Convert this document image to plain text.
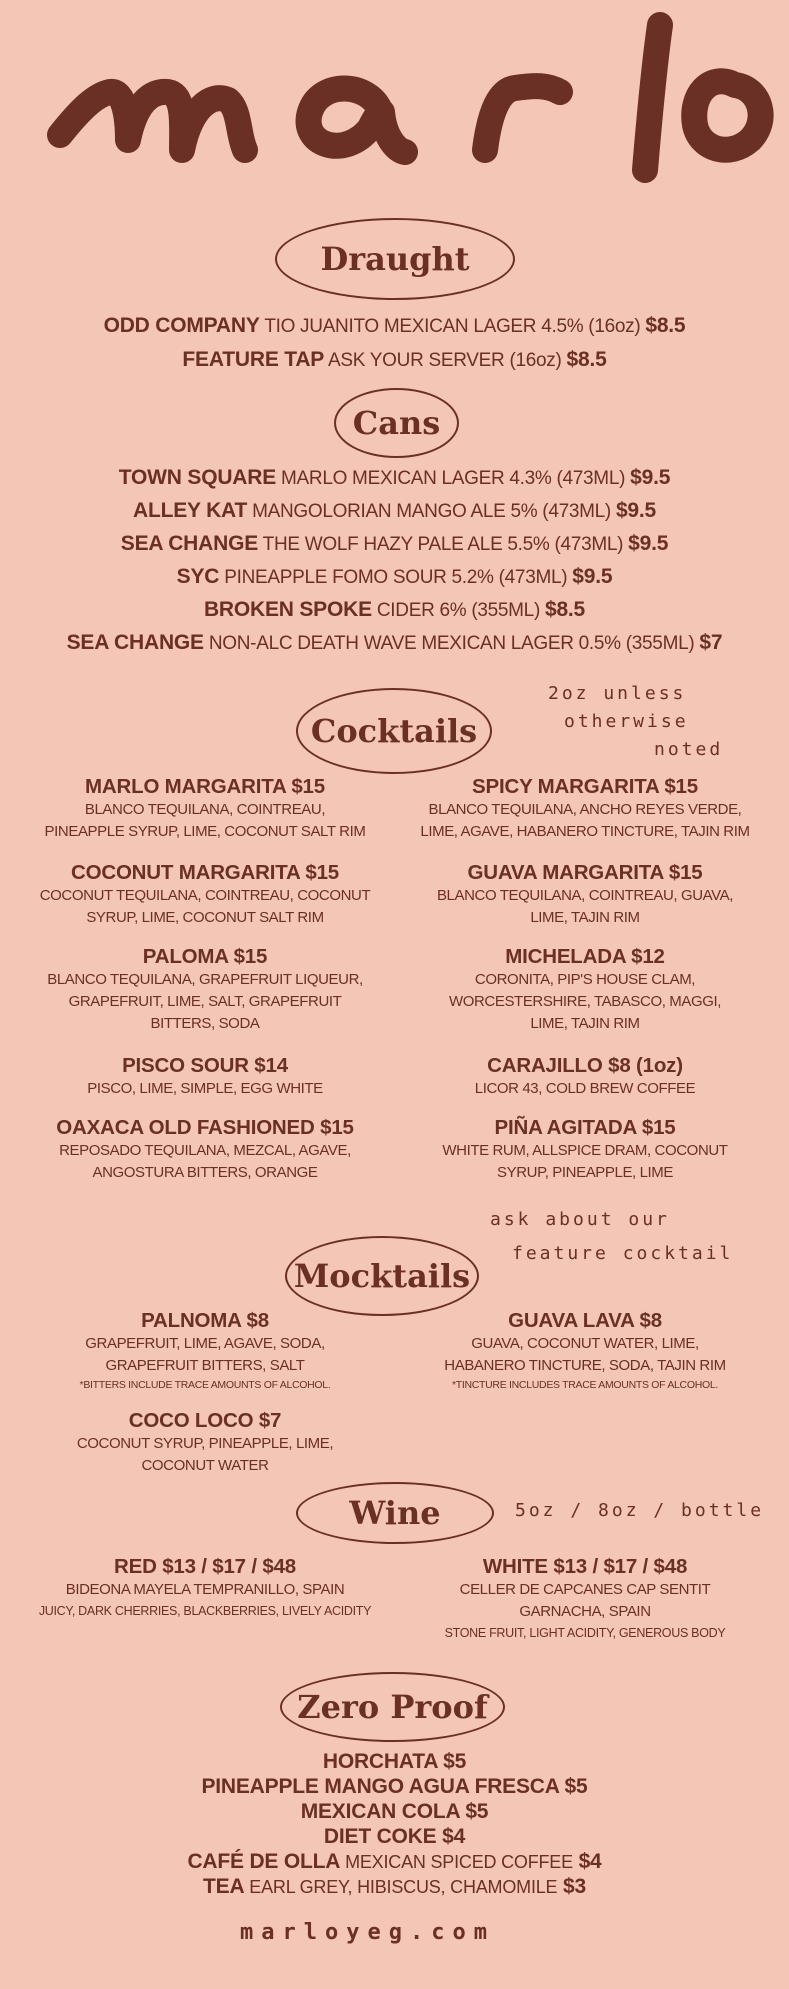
Draught
ODD COMPANY TIO JUANITO MEXICAN LAGER 4.5% (16oz) $8.5
FEATURE TAP ASK YOUR SERVER (16oz) $8.5
Cans
TOWN SQUARE MARLO MEXICAN LAGER 4.3% (473ML) $9.5
ALLEY KAT MANGOLORIAN MANGO ALE 5% (473ML) $9.5
SEA CHANGE THE WOLF HAZY PALE ALE 5.5% (473ML) $9.5
SYC PINEAPPLE FOMO SOUR 5.2% (473ML) $9.5
BROKEN SPOKE CIDER 6% (355ML) $8.5
SEA CHANGE NON-ALC DEATH WAVE MEXICAN LAGER 0.5% (355ML) $7
Cocktails
2oz unless
otherwise
noted
MARLO MARGARITA $15
BLANCO TEQUILANA, COINTREAU,
PINEAPPLE SYRUP, LIME, COCONUT SALT RIM
SPICY MARGARITA $15
BLANCO TEQUILANA, ANCHO REYES VERDE,
LIME, AGAVE, HABANERO TINCTURE, TAJIN RIM
COCONUT MARGARITA $15
COCONUT TEQUILANA, COINTREAU, COCONUT
SYRUP, LIME, COCONUT SALT RIM
GUAVA MARGARITA $15
BLANCO TEQUILANA, COINTREAU, GUAVA,
LIME, TAJIN RIM
PALOMA $15
BLANCO TEQUILANA, GRAPEFRUIT LIQUEUR,
GRAPEFRUIT, LIME, SALT, GRAPEFRUIT
BITTERS, SODA
MICHELADA $12
CORONITA, PIP'S HOUSE CLAM,
WORCESTERSHIRE, TABASCO, MAGGI,
LIME, TAJIN RIM
PISCO SOUR $14
PISCO, LIME, SIMPLE, EGG WHITE
CARAJILLO $8 (1oz)
LICOR 43, COLD BREW COFFEE
OAXACA OLD FASHIONED $15
REPOSADO TEQUILANA, MEZCAL, AGAVE,
ANGOSTURA BITTERS, ORANGE
PIÑA AGITADA $15
WHITE RUM, ALLSPICE DRAM, COCONUT
SYRUP, PINEAPPLE, LIME
ask about our
feature cocktail
Mocktails
PALNOMA $8
GRAPEFRUIT, LIME, AGAVE, SODA,
GRAPEFRUIT BITTERS, SALT
*BITTERS INCLUDE TRACE AMOUNTS OF ALCOHOL.
GUAVA LAVA $8
GUAVA, COCONUT WATER, LIME,
HABANERO TINCTURE, SODA, TAJIN RIM
*TINCTURE INCLUDES TRACE AMOUNTS OF ALCOHOL.
COCO LOCO $7
COCONUT SYRUP, PINEAPPLE, LIME,
COCONUT WATER
Wine	5oz / 8oz / bottle
RED $13 / $17 / $48
BIDEONA MAYELA TEMPRANILLO, SPAIN
JUICY, DARK CHERRIES, BLACKBERRIES, LIVELY ACIDITY
WHITE $13 / $17 / $48
CELLER DE CAPCANES CAP SENTIT
GARNACHA, SPAIN
STONE FRUIT, LIGHT ACIDITY, GENEROUS BODY
Zero Proof
HORCHATA $5
PINEAPPLE MANGO AGUA FRESCA $5
MEXICAN COLA $5
DIET COKE $4
CAFÉ DE OLLA MEXICAN SPICED COFFEE $4
TEA EARL GREY, HIBISCUS, CHAMOMILE $3
marloyeg.com
